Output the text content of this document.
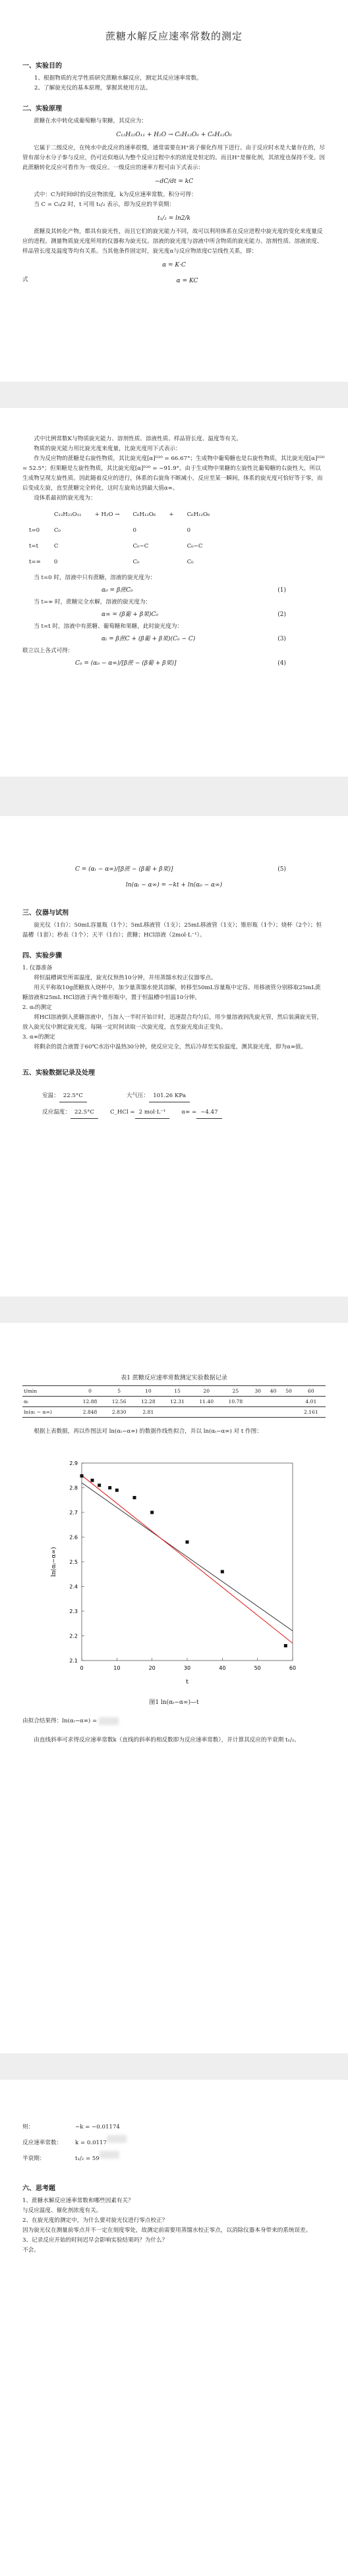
蔗糖水解反应速率常数的测定
一、实验目的

1、根据物质的光学性质研究蔗糖水解反应，测定其反应速率常数。

2、了解旋光仪的基本原理，掌握其使用方法。

二、实验原理

蔗糖在水中转化成葡萄糖与果糖，其反应为：

C₁₂H₂₂O₁₁ + H₂O → C₆H₁₂O₆ + C₆H₁₂O₆

它属于二级反应，在纯水中此反应的速率很慢，通常需要在H⁺离子催化作用下进行。由于反应时水是大量存在的，尽管有部分水分子参与反应，仍可近似地认为整个反应过程中水的浓度是恒定的。而且H⁺是催化剂，其浓度也保持不变。因此蔗糖转化反应可看作为一级反应。一级反应的速率方程可由下式表示：

−dC/dt = kC

式中：C为时间t时的反应物浓度，k为反应速率常数。积分可得：

当 C = C₀/2 时，t 可用 t₁/₂ 表示，即为反应的半衰期：

t₁/₂ = ln2/k

蔗糖及其转化产物，都具有旋光性，而且它们的旋光能力不同，故可以利用体系在反应进程中旋光度的变化来度量反应的进程。测量物质旋光度所用的仪器称为旋光仪。溶液的旋光度与溶液中所含物质的旋光能力、溶剂性质、溶液浓度、样品管长度及温度等均有关系。当其他条件固定时，旋光度α与反应物浓度C呈线性关系，即：

α = K·C
式	α = KC

式中比例常数K与物质旋光能力、溶剂性质、溶液性质、样品管长度、温度等有关。

物质的旋光能力用比旋光度来度量，比旋光度用下式表示：

作为反应物的蔗糖是右旋性物质，其比旋光度[α]ᴰ²⁰ = 66.67°；生成物中葡萄糖也是右旋性物质，其比旋光度[α]ᴰ²⁰ = 52.5°；但果糖是左旋性物质，其比旋光度[α]ᴰ²⁰ = −91.9°。由于生成物中果糖的左旋性比葡萄糖的右旋性大，所以生成物呈现左旋性质。因此随着反应的进行，体系的右旋角不断减小，反应至某一瞬间，体系的旋光度可恰好等于零，而后变成左旋，直至蔗糖完全转化，这时左旋角达到最大值α∞。

设体系最初的旋光度为：

	C₁₂H₂₂O₁₁	+ H₂O →	C₆H₁₂O₆	+	C₆H₁₂O₆
t=0	C₀		0		0
t=t	C		C₀−C		C₀−C
t=∞	0		C₀		C₀

当 t=0 时，溶液中只有蔗糖，溶液的旋光度为：

α₀ = β蔗C₀	(1)

当 t=∞ 时，蔗糖完全水解，溶液的旋光度为：

α∞ = (β葡 + β果)C₀	(2)

当 t=t 时，溶液中有蔗糖、葡萄糖和果糖，此时旋光度为：

αₜ = β蔗C + (β葡 + β果)(C₀ − C)	(3)

联立以上各式可得：

C₀ = (α₀ − α∞)/[β蔗 − (β葡 + β果)]	(4)
C = (αₜ − α∞)/[β蔗 − (β葡 + β果)]	(5)
ln(αₜ − α∞) = −kt + ln(α₀ − α∞)
三、仪器与试剂

旋光仪（1台）；50mL容量瓶（1个）；5mL移液管（1支）；25mL移液管（1支）；锥形瓶（1个）；烧杯（2个）；恒温槽（1套）；秒表（1个）；天平（1台）；蔗糖；HCl溶液（2mol·L⁻¹）。

四、实验步骤

1. 仪器准备

将恒温槽调至所需温度，旋光仪预热10分钟，并用蒸馏水校正仪器零点。

用天平称取10g蔗糖放入烧杯中，加少量蒸馏水使其溶解，转移至50mL容量瓶中定容。用移液管分别移取25mL蔗糖溶液和25mL HCl溶液于两个锥形瓶中，置于恒温槽中恒温10分钟。

2. αₜ的测定

将HCl溶液倒入蔗糖溶液中，当加入一半时开始计时，迅速混合均匀后，用少量溶液润洗旋光管，然后装满旋光管，放入旋光仪中测定旋光度。每隔一定时间读取一次旋光度，直至旋光度由正变负。

3. α∞的测定

将剩余的混合液置于60℃水浴中温热30分钟，使反应完全，然后冷却至实验温度，测其旋光度，即为α∞值。

五、实验数据记录及处理
室温： 22.5°C	大气压： 101.26 KPa
反应温度： 22.5°C	C_HCl = 2 mol·L⁻¹	α∞ = −4.47
表1 蔗糖反应速率常数测定实验数据记录
t/min	0	5	10	15	20	25	30	40	50	60
αₜ	12.88	12.56	12.28	12.31	11.40	10.78				4.01
ln(αₜ − α∞)	2.848	2.830	2.81							2.161

根据上表数据，再以作图法对 ln(αₜ−α∞) 的数据作线性拟合，并以 ln(αₜ−α∞) 对 t 作图：

ln(αₜ−α∞)
t
2.9
2.8
2.7
2.6
2.5
2.4
2.3
2.2
2.1
0	10	20	30	40	50	60
图1 ln(αₜ−α∞)—t

由拟合结果得：ln(αₜ−α∞) =

由直线斜率可求得反应速率常数k（直线的斜率的相反数即为反应速率常数），并计算其反应的半衰期 t₁/₂。

则：	−k = −0.01174
反应速率常数：	k = 0.0117
半衰期：	t₁/₂ = 59
六、思考题

1、蔗糖水解反应速率常数和哪些因素有关？

与反应温度、催化剂浓度有关。

2、在旋光度的测定中，为什么要对旋光仪进行零点校正？

因为旋光仪在测量前零点并不一定在刻度零处，故测定前需要用蒸馏水校正零点，以消除仪器本身带来的系统误差。

3、记录反应开始的时间迟早会影响实验结果吗？为什么？

不会。
